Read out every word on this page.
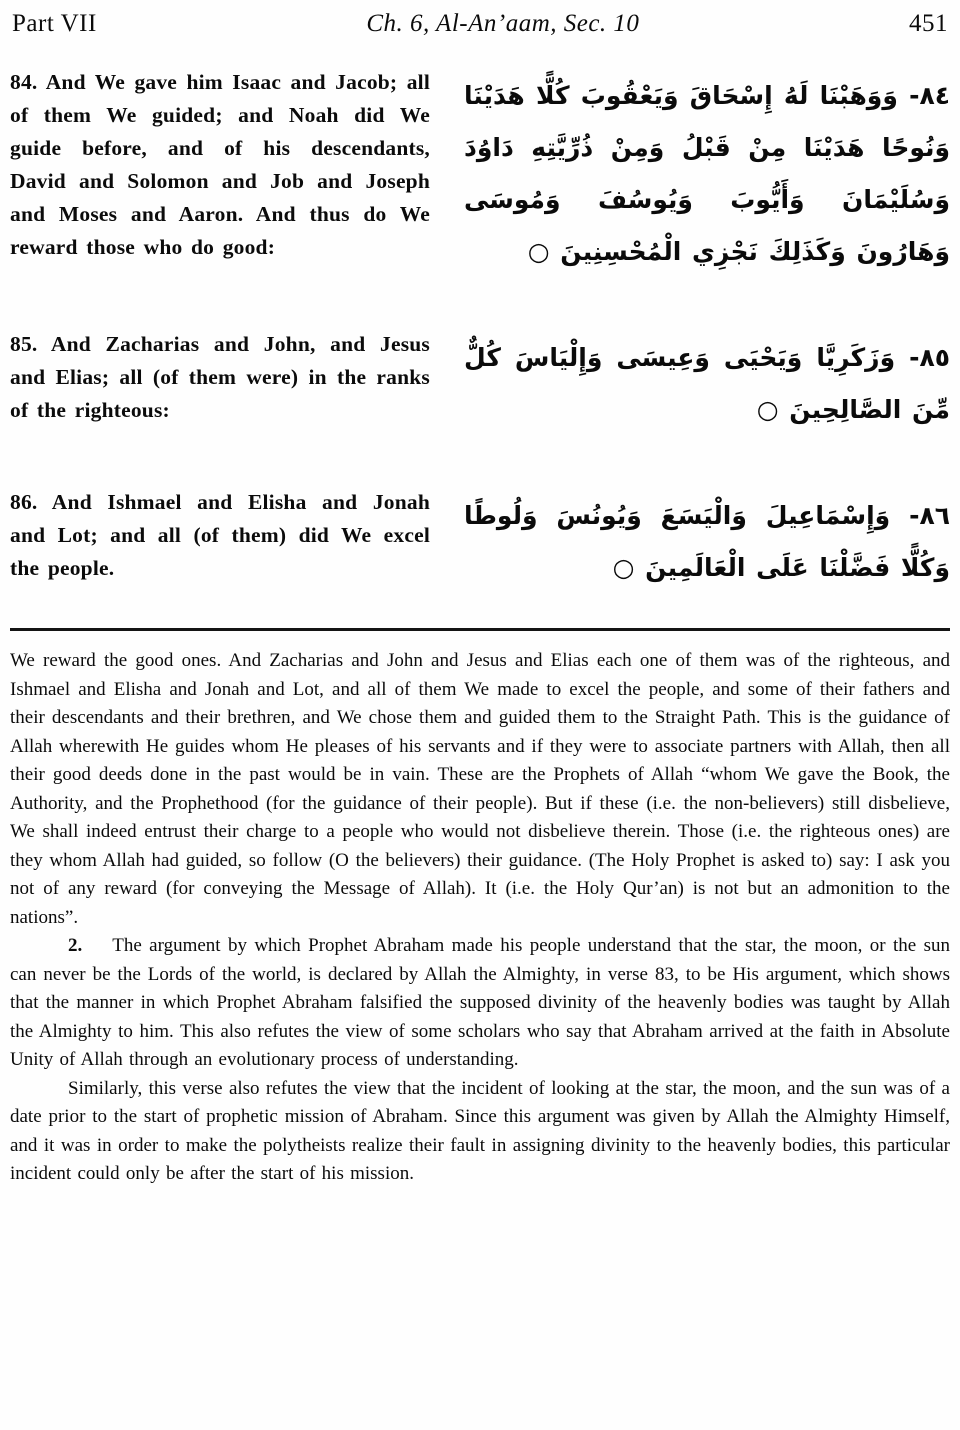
Part VII	Ch. 6, Al-An’aam, Sec. 10	451
84. And We gave him Isaac and Jacob; all of them We guided; and Noah did We guide before, and of his descendants, David and Solomon and Job and Joseph and Moses and Aaron. And thus do We reward those who do good:
٨٤- وَوَهَبْنَا لَهُ إِسْحَاقَ وَيَعْقُوبَ كُلًّا هَدَيْنَا وَنُوحًا هَدَيْنَا مِنْ قَبْلُ وَمِنْ ذُرِّيَّتِهِ دَاوُدَ وَسُلَيْمَانَ وَأَيُّوبَ وَيُوسُفَ وَمُوسَى وَهَارُونَ وَكَذَلِكَ نَجْزِي الْمُحْسِنِينَ ○
85. And Zacharias and John, and Jesus and Elias; all (of them were) in the ranks of the righteous:
٨٥- وَزَكَرِيَّا وَيَحْيَى وَعِيسَى وَإِلْيَاسَ كُلٌّ مِّنَ الصَّالِحِينَ ○
86. And Ishmael and Elisha and Jonah and Lot; and all (of them) did We excel the people.
٨٦- وَإِسْمَاعِيلَ وَالْيَسَعَ وَيُونُسَ وَلُوطًا وَكُلًّا فَضَّلْنَا عَلَى الْعَالَمِينَ ○

We reward the good ones. And Zacharias and John and Jesus and Elias each one of them was of the righteous, and Ishmael and Elisha and Jonah and Lot, and all of them We made to excel the people, and some of their fathers and their descendants and their brethren, and We chose them and guided them to the Straight Path. This is the guidance of Allah wherewith He guides whom He pleases of his servants and if they were to associate partners with Allah, then all their good deeds done in the past would be in vain. These are the Prophets of Allah “whom We gave the Book, the Authority, and the Prophethood (for the guidance of their people). But if these (i.e. the non-believers) still disbelieve, We shall indeed entrust their charge to a people who would not disbelieve therein. Those (i.e. the righteous ones) are they whom Allah had guided, so follow (O the believers) their guidance. (The Holy Prophet is asked to) say: I ask you not of any reward (for conveying the Message of Allah). It (i.e. the Holy Qur’an) is not but an admonition to the nations”.

2. The argument by which Prophet Abraham made his people understand that the star, the moon, or the sun can never be the Lords of the world, is declared by Allah the Almighty, in verse 83, to be His argument, which shows that the manner in which Prophet Abraham falsified the supposed divinity of the heavenly bodies was taught by Allah the Almighty to him. This also refutes the view of some scholars who say that Abraham arrived at the faith in Absolute Unity of Allah through an evolutionary process of understanding.

Similarly, this verse also refutes the view that the incident of looking at the star, the moon, and the sun was of a date prior to the start of prophetic mission of Abraham. Since this argument was given by Allah the Almighty Himself, and it was in order to make the polytheists realize their fault in assigning divinity to the heavenly bodies, this particular incident could only be after the start of his mission.
